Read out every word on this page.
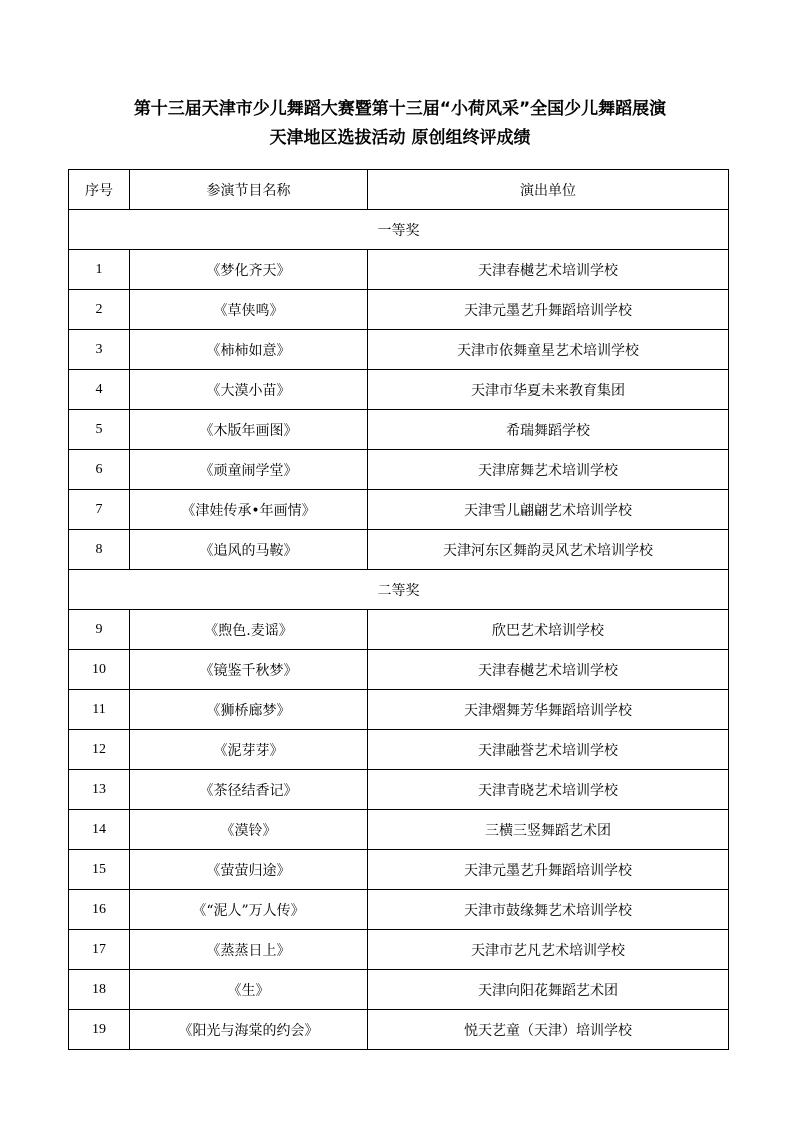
第十三届天津市少儿舞蹈大赛暨第十三届“小荷风采”全国少儿舞蹈展演
天津地区选拔活动 原创组终评成绩
序号	参演节目名称	演出单位
一等奖		
1	《梦化齐天》	天津春樾艺术培训学校
2	《草侠鸣》	天津元墨艺升舞蹈培训学校
3	《柿柿如意》	天津市依舞童星艺术培训学校
4	《大漠小苗》	天津市华夏未来教育集团
5	《木版年画图》	希瑞舞蹈学校
6	《顽童闹学堂》	天津席舞艺术培训学校
7	《津娃传承•年画情》	天津雪儿翩翩艺术培训学校
8	《追风的马鞍》	天津河东区舞韵灵风艺术培训学校
二等奖		
9	《煦色.麦谣》	欣巴艺术培训学校
10	《镜鉴千秋梦》	天津春樾艺术培训学校
11	《狮桥廊梦》	天津熠舞芳华舞蹈培训学校
12	《泥芽芽》	天津融誉艺术培训学校
13	《茶径结香记》	天津青晓艺术培训学校
14	《漠铃》	三横三竖舞蹈艺术团
15	《萤萤归途》	天津元墨艺升舞蹈培训学校
16	《“泥人”万人传》	天津市鼓缘舞艺术培训学校
17	《蒸蒸日上》	天津市艺凡艺术培训学校
18	《生》	天津向阳花舞蹈艺术团
19	《阳光与海棠的约会》	悦天艺童（天津）培训学校
